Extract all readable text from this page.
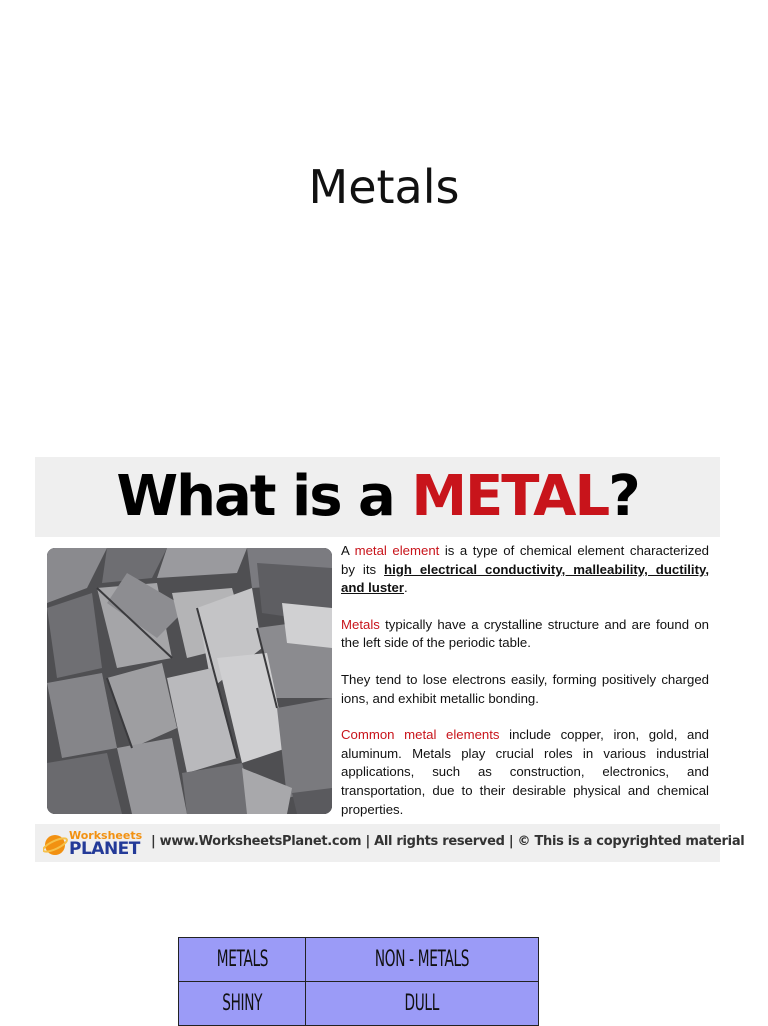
Metals
What is a METAL?

A metal element is a type of chemical element characterized by its high electrical conductivity, malleability, ductility, and luster.

Metals typically have a crystalline structure and are found on the left side of the periodic table.

They tend to lose electrons easily, forming positively charged ions, and exhibit metallic bonding.

Common metal elements include copper, iron, gold, and aluminum. Metals play crucial roles in various industrial applications, such as construction, electronics, and transportation, due to their desirable physical and chemical properties.

Worksheets
PLANET | www.WorksheetsPlanet.com | All rights reserved | © This is a copyrighted material
METALS	NON - METALS
SHINY	DULL
